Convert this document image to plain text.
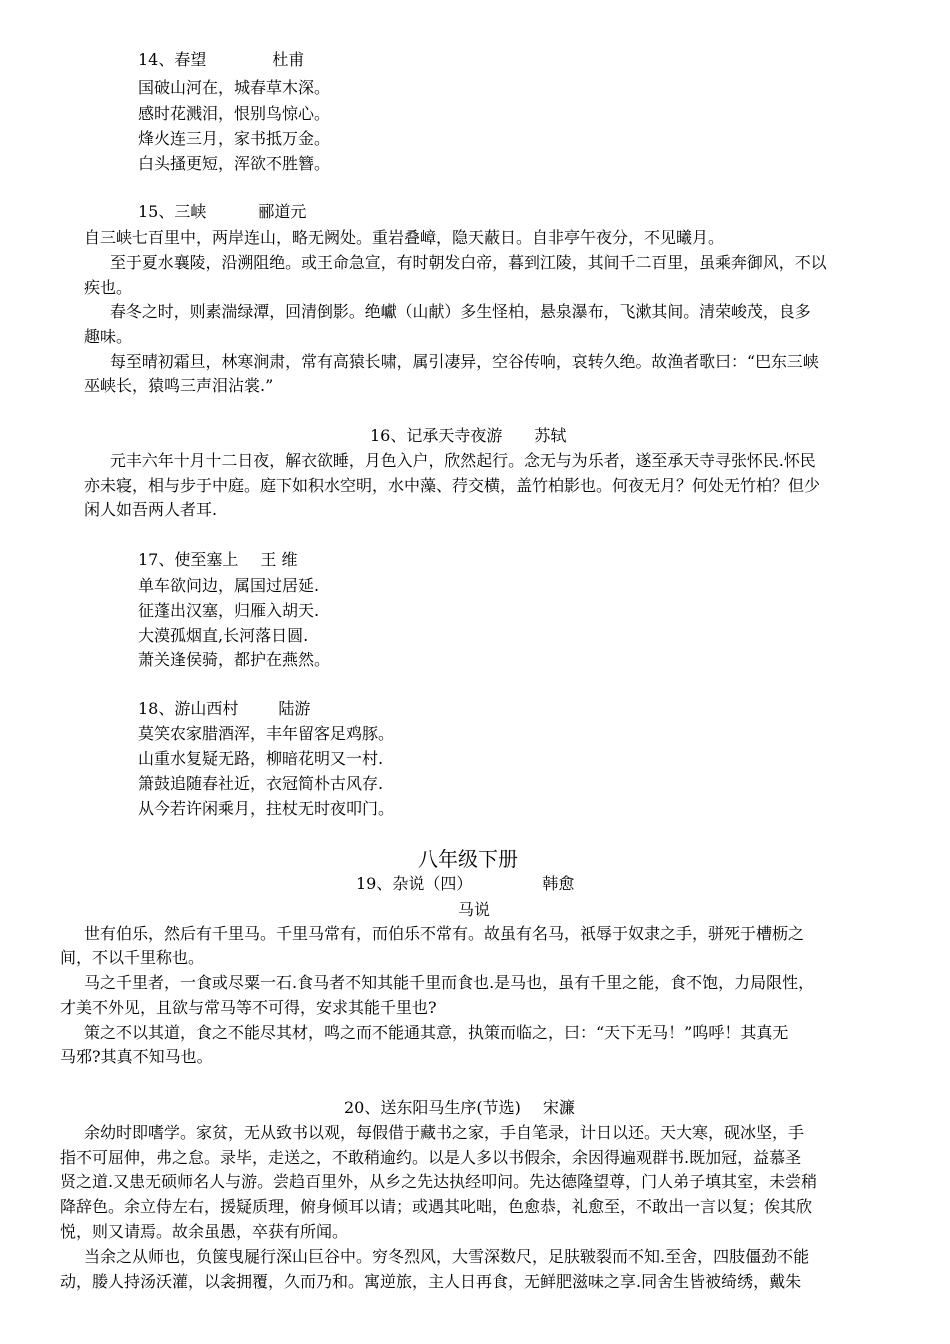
14、春望	杜甫
国破山河在，城春草木深。
感时花溅泪，恨别鸟惊心。
烽火连三月，家书抵万金。
白头搔更短，浑欲不胜簪。
15、三峡	郦道元
自三峡七百里中，两岸连山，略无阙处。重岩叠嶂，隐天蔽日。自非亭午夜分，不见曦月。
至于夏水襄陵，沿溯阻绝。或王命急宣，有时朝发白帝，暮到江陵，其间千二百里，虽乘奔御风，不以
疾也。
春冬之时，则素湍绿潭，回清倒影。绝巘（山献）多生怪柏，悬泉瀑布，飞漱其间。清荣峻茂，良多
趣味。
每至晴初霜旦，林寒涧肃，常有高猿长啸，属引凄异，空谷传响，哀转久绝。故渔者歌曰：“巴东三峡
巫峡长，猿鸣三声泪沾裳.”
16、记承天寺夜游 苏轼
元丰六年十月十二日夜，解衣欲睡，月色入户，欣然起行。念无与为乐者，遂至承天寺寻张怀民.怀民
亦未寝，相与步于中庭。庭下如积水空明，水中藻、荇交横，盖竹柏影也。何夜无月？何处无竹柏？但少
闲人如吾两人者耳.
17、使至塞上 王 维
单车欲问边，属国过居延.
征蓬出汉塞，归雁入胡天.
大漠孤烟直,长河落日圆.
萧关逢侯骑，都护在燕然。
18、游山西村	陆游
莫笑农家腊酒浑，丰年留客足鸡豚。
山重水复疑无路，柳暗花明又一村.
箫鼓追随春社近，衣冠简朴古风存.
从今若许闲乘月，拄杖无时夜叩门。
八年级下册
19、杂说（四）	韩愈
马说
世有伯乐，然后有千里马。千里马常有，而伯乐不常有。故虽有名马，祇辱于奴隶之手，骈死于槽枥之
间，不以千里称也。
马之千里者，一食或尽粟一石.食马者不知其能千里而食也.是马也，虽有千里之能，食不饱，力局限性，
才美不外见，且欲与常马等不可得，安求其能千里也?
策之不以其道，食之不能尽其材，鸣之而不能通其意，执策而临之，曰：“天下无马！”呜呼！其真无
马邪?其真不知马也。
20、送东阳马生序(节选) 宋濂
余幼时即嗜学。家贫，无从致书以观，每假借于藏书之家，手自笔录，计日以还。天大寒，砚冰坚，手
指不可屈伸，弗之怠。录毕，走送之，不敢稍逾约。以是人多以书假余，余因得遍观群书.既加冠，益慕圣
贤之道.又患无硕师名人与游。尝趋百里外，从乡之先达执经叩问。先达德隆望尊，门人弟子填其室，未尝稍
降辞色。余立侍左右，援疑质理，俯身倾耳以请；或遇其叱咄，色愈恭，礼愈至，不敢出一言以复；俟其欣
悦，则又请焉。故余虽愚，卒获有所闻。
当余之从师也，负箧曳屣行深山巨谷中。穷冬烈风，大雪深数尺，足肤皲裂而不知.至舍，四肢僵劲不能
动，媵人持汤沃灌，以衾拥覆，久而乃和。寓逆旅，主人日再食，无鲜肥滋味之享.同舍生皆被绮绣，戴朱
